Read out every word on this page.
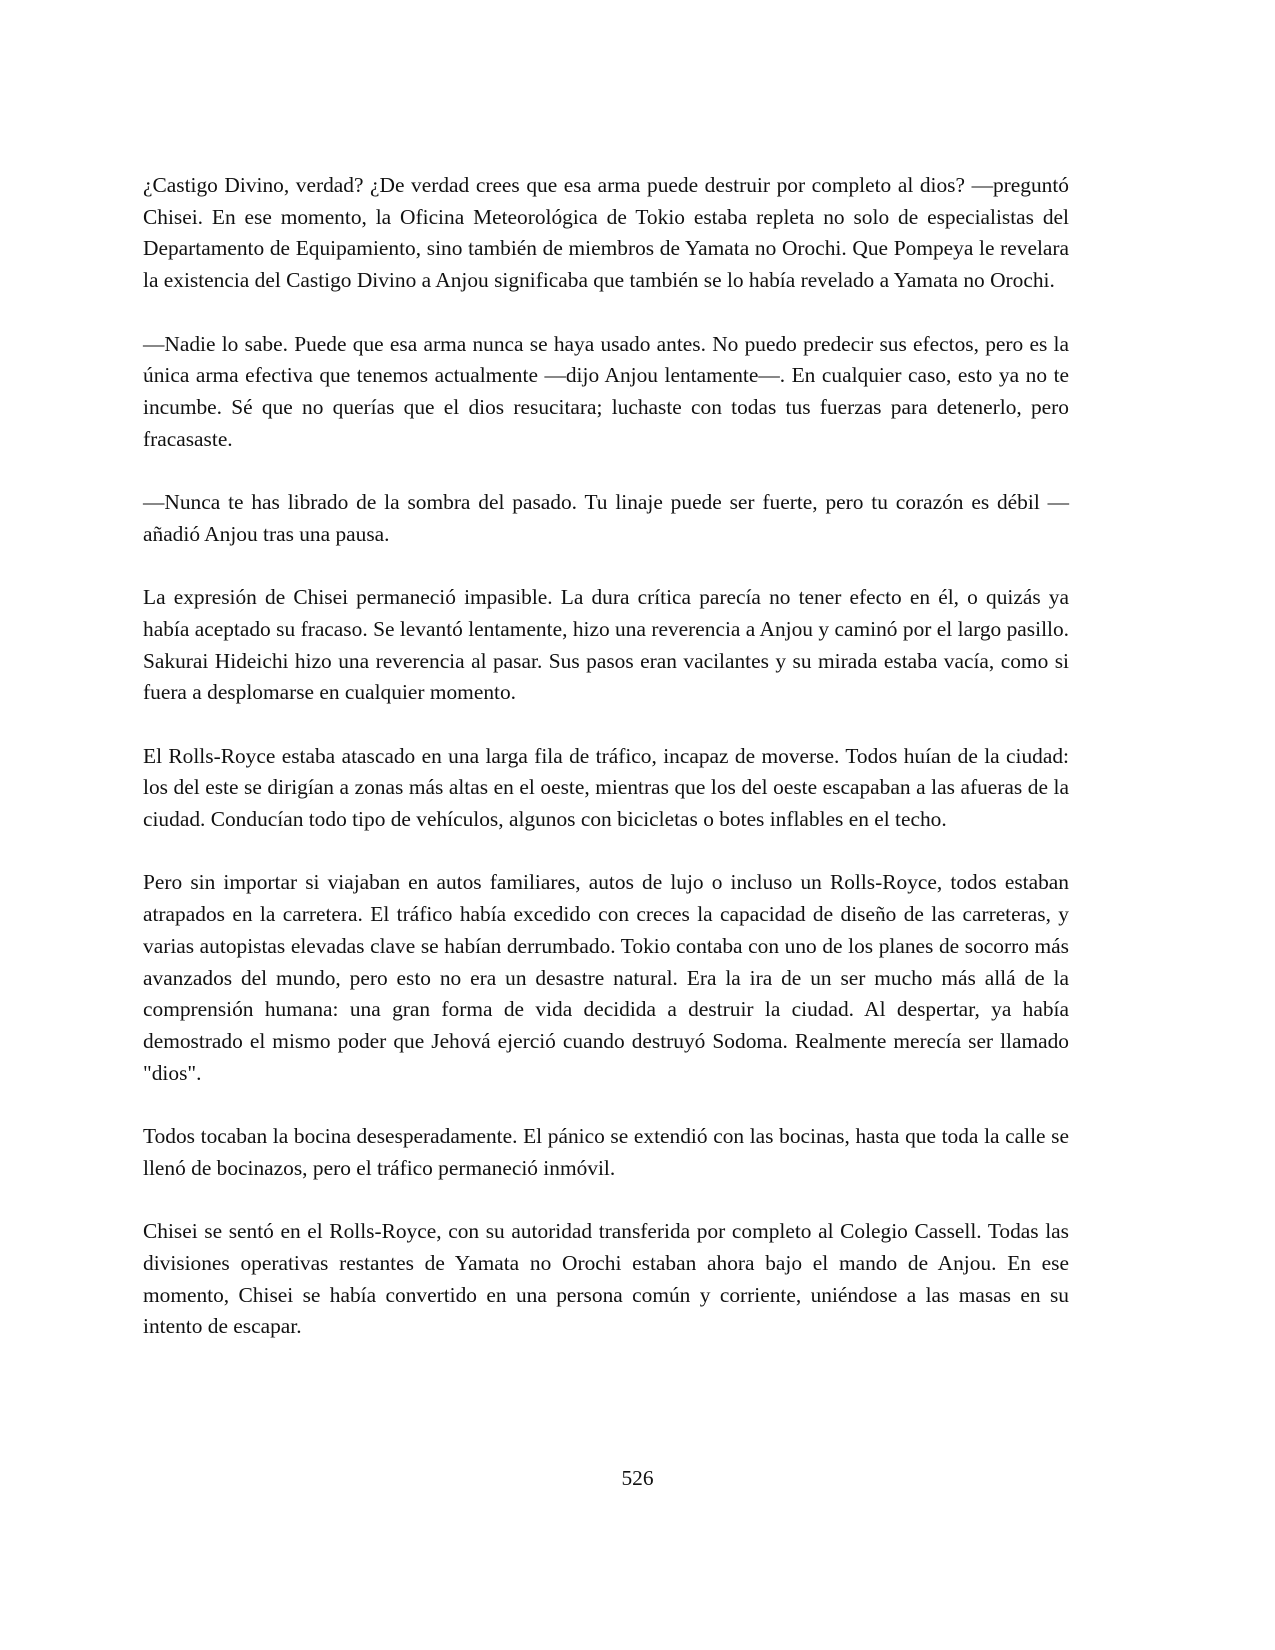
¿Castigo Divino, verdad? ¿De verdad crees que esa arma puede destruir por completo al dios? —preguntó Chisei. En ese momento, la Oficina Meteorológica de Tokio estaba repleta no solo de especialistas del Departamento de Equipamiento, sino también de miembros de Yamata no Orochi. Que Pompeya le revelara la existencia del Castigo Divino a Anjou significaba que también se lo había revelado a Yamata no Orochi.

—Nadie lo sabe. Puede que esa arma nunca se haya usado antes. No puedo predecir sus efectos, pero es la única arma efectiva que tenemos actualmente —dijo Anjou lentamente—. En cualquier caso, esto ya no te incumbe. Sé que no querías que el dios resucitara; luchaste con todas tus fuerzas para detenerlo, pero fracasaste.

—Nunca te has librado de la sombra del pasado. Tu linaje puede ser fuerte, pero tu corazón es débil —añadió Anjou tras una pausa.

La expresión de Chisei permaneció impasible. La dura crítica parecía no tener efecto en él, o quizás ya había aceptado su fracaso. Se levantó lentamente, hizo una reverencia a Anjou y caminó por el largo pasillo. Sakurai Hideichi hizo una reverencia al pasar. Sus pasos eran vacilantes y su mirada estaba vacía, como si fuera a desplomarse en cualquier momento.

El Rolls-Royce estaba atascado en una larga fila de tráfico, incapaz de moverse. Todos huían de la ciudad: los del este se dirigían a zonas más altas en el oeste, mientras que los del oeste escapaban a las afueras de la ciudad. Conducían todo tipo de vehículos, algunos con bicicletas o botes inflables en el techo.

Pero sin importar si viajaban en autos familiares, autos de lujo o incluso un Rolls-Royce, todos estaban atrapados en la carretera. El tráfico había excedido con creces la capacidad de diseño de las carreteras, y varias autopistas elevadas clave se habían derrumbado. Tokio contaba con uno de los planes de socorro más avanzados del mundo, pero esto no era un desastre natural. Era la ira de un ser mucho más allá de la comprensión humana: una gran forma de vida decidida a destruir la ciudad. Al despertar, ya había demostrado el mismo poder que Jehová ejerció cuando destruyó Sodoma. Realmente merecía ser llamado "dios".

Todos tocaban la bocina desesperadamente. El pánico se extendió con las bocinas, hasta que toda la calle se llenó de bocinazos, pero el tráfico permaneció inmóvil.

Chisei se sentó en el Rolls-Royce, con su autoridad transferida por completo al Colegio Cassell. Todas las divisiones operativas restantes de Yamata no Orochi estaban ahora bajo el mando de Anjou. En ese momento, Chisei se había convertido en una persona común y corriente, uniéndose a las masas en su intento de escapar.

526
